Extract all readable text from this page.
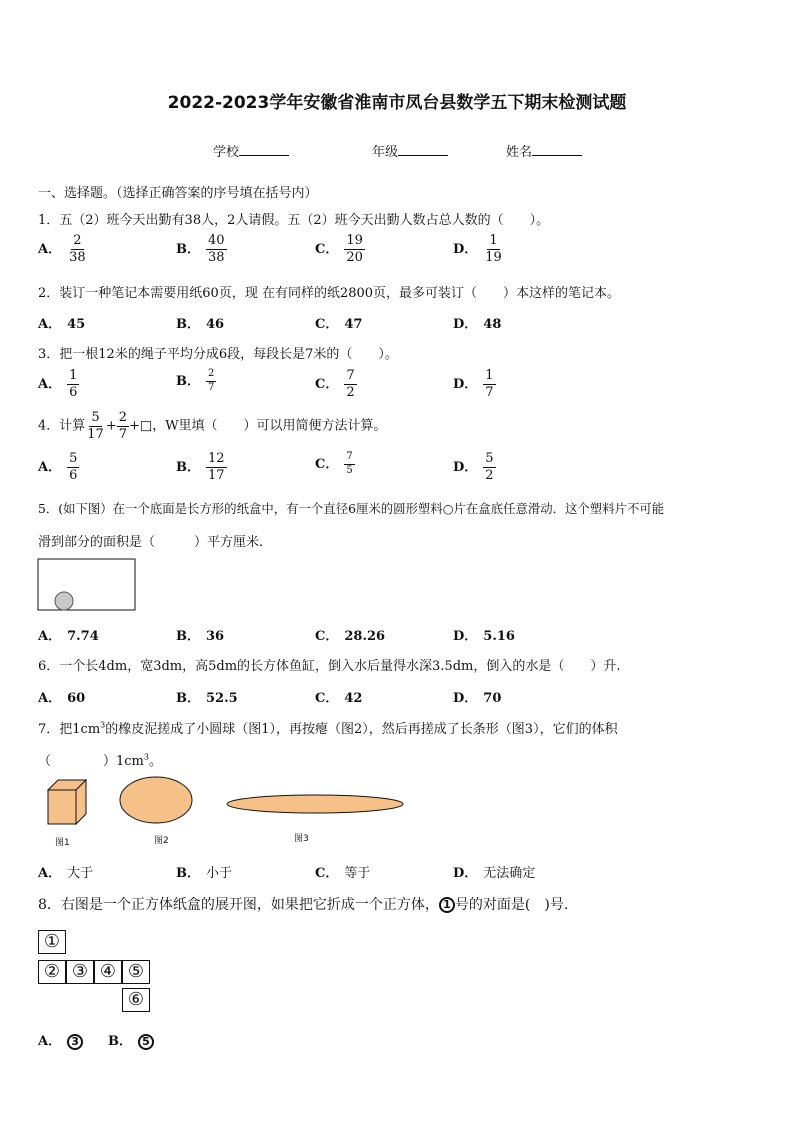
2022-2023学年安徽省淮南市凤台县数学五下期末检测试题
学校	年级	姓名
一、选择题。（选择正确答案的序号填在括号内）
1．五（2）班今天出勤有38人，2人请假。五（2）班今天出勤人数占总人数的（　　）。
A． $\frac{2}{38}$	B． $\frac{40}{38}$	C． $\frac{19}{20}$	D． $\frac{1}{19}$
2．装订一种笔记本需要用纸60页，现 在有同样的纸2800页，最多可装订（　　）本这样的笔记本。
A． 45	B． 46	C． 47	D． 48
3．把一根12米的绳子平均分成6段，每段长是7米的（　　）。
A． $\frac{1}{6}$	B． $\frac{2}{7}$	C． $\frac{7}{2}$	D． $\frac{1}{7}$
4．计算 $\frac{5}{17} + \frac{2}{7}$ +□，W里填（　　）可以用简便方法计算。
A． $\frac{5}{6}$	B． $\frac{12}{17}$	C． $\frac{7}{5}$	D． $\frac{5}{2}$
5．(如下图）在一个底面是长方形的纸盒中，有一个直径6厘米的圆形塑料○片在盒底任意滑动．这个塑料片不可能
滑到部分的面积是（　　　）平方厘米.
A． 7.74	B． 36	C． 28.26	D． 5.16
6．一个长4dm，宽3dm，高5dm的长方体鱼缸，倒入水后量得水深3.5dm，倒入的水是（　　）升.
A． 60	B． 52.5	C． 42	D． 70
7．把$1cm^3$的橡皮泥搓成了小圆球（图1），再按瘪（图2），然后再搓成了长条形（图3），它们的体积
（　　　　）$1cm^3$。
图1	图2	图3
A． 大于	B． 小于	C． 等于	D． 无法确定
8．右图是一个正方体纸盒的展开图，如果把它折成一个正方体， 1 号的对面是(　)号.
①
② ③ ④ ⑤
⑥
A． 3	B． 5
